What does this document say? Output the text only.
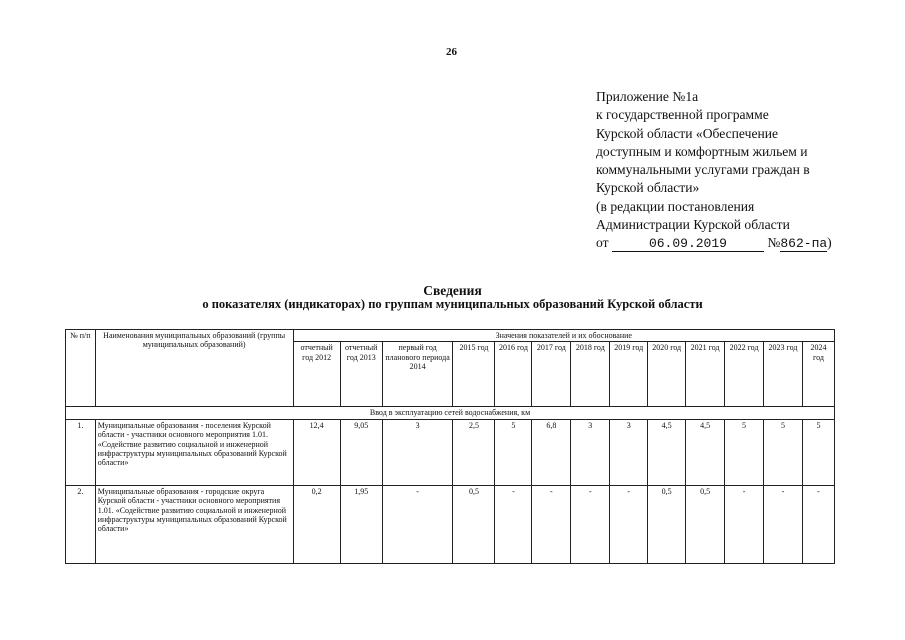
26
Приложение №1а
к государственной программе
Курской области «Обеспечение
доступным и комфортным жильем и
коммунальными услугами граждан в
Курской области»
(в редакции постановления
Администрации Курской области
от	06.09.2019	№862-па)
Сведения
о показателях (индикаторах) по группам муниципальных образований Курской области
№ п/п	Наименования муниципальных образований (группы муниципальных образований)	Значения показателей и их обоснование												
		отчетный год 2012	отчетный год 2013	первый год планового периода 2014	2015 год	2016 год	2017 год	2018 год	2019 год	2020 год	2021 год	2022 год	2023 год	2024 год
Ввод в эксплуатацию сетей водоснабжения, км														
1.	Муниципальные образования - поселения Курской области - участники основного мероприятия 1.01. «Содействие развитию социальной и инженерной инфраструктуры муниципальных образований Курской области»	12,4	9,05	3	2,5	5	6,8	3	3	4,5	4,5	5	5	5
2.	Муниципальные образования - городские округа Курской области - участники основного мероприятия 1.01. «Содействие развитию социальной и инженерной инфраструктуры муниципальных образований Курской области»	0,2	1,95	-	0,5	-	-	-	-	0,5	0,5	-	-	-
